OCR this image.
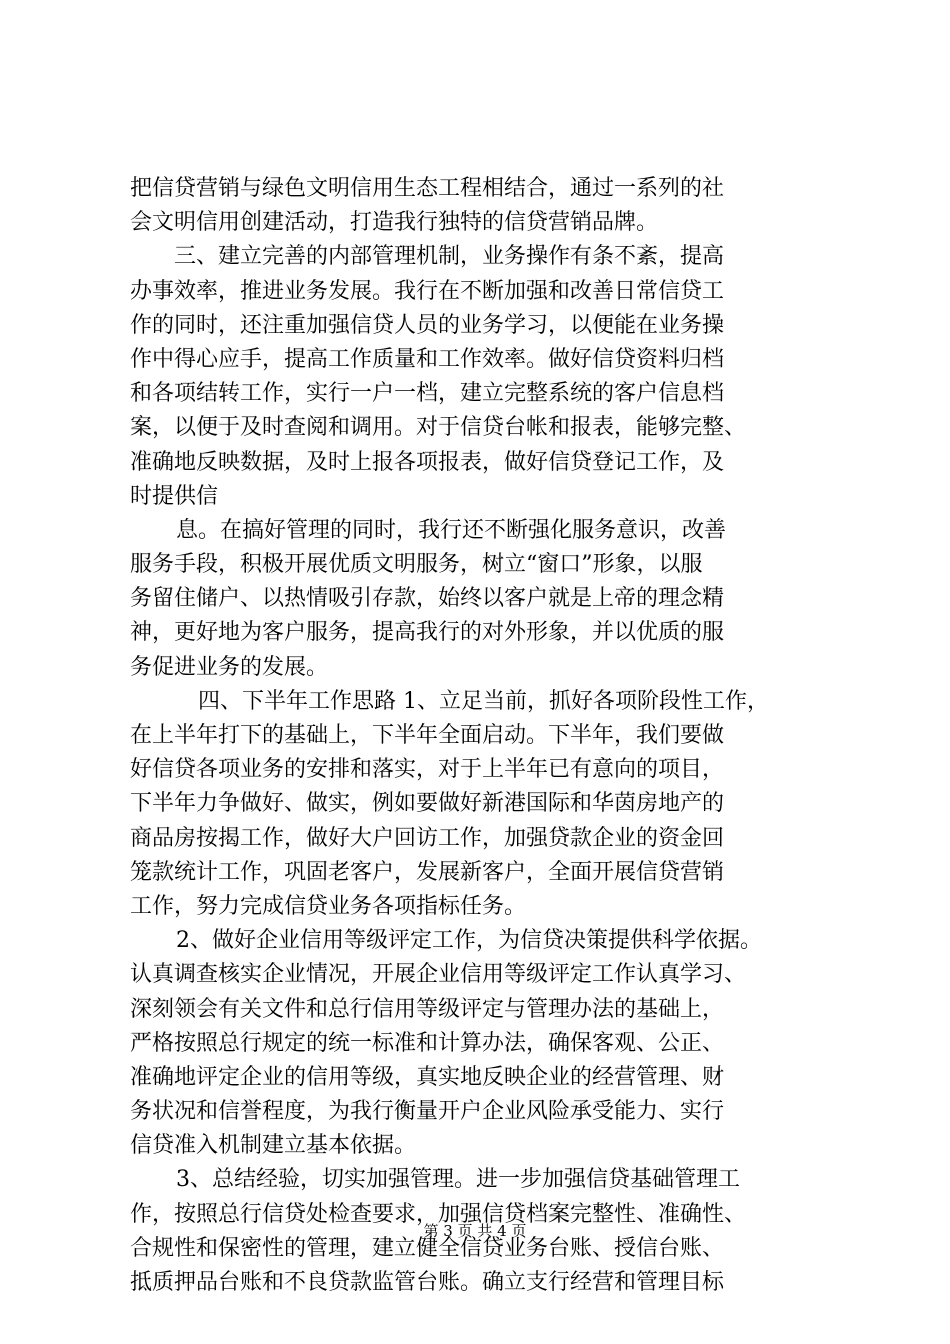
把信贷营销与绿色文明信用生态工程相结合，通过一系列的社
会文明信用创建活动，打造我行独特的信贷营销品牌。
三、建立完善的内部管理机制，业务操作有条不紊，提高
办事效率，推进业务发展。我行在不断加强和改善日常信贷工
作的同时，还注重加强信贷人员的业务学习，以便能在业务操
作中得心应手，提高工作质量和工作效率。做好信贷资料归档
和各项结转工作，实行一户一档，建立完整系统的客户信息档
案，以便于及时查阅和调用。对于信贷台帐和报表，能够完整、
准确地反映数据，及时上报各项报表，做好信贷登记工作，及
时提供信
息。在搞好管理的同时，我行还不断强化服务意识，改善
服务手段，积极开展优质文明服务，树立“窗口”形象，以服
务留住储户、以热情吸引存款，始终以客户就是上帝的理念精
神，更好地为客户服务，提高我行的对外形象，并以优质的服
务促进业务的发展。
四、下半年工作思路 1、立足当前，抓好各项阶段性工作，
在上半年打下的基础上，下半年全面启动。下半年，我们要做
好信贷各项业务的安排和落实，对于上半年已有意向的项目，
下半年力争做好、做实，例如要做好新港国际和华茵房地产的
商品房按揭工作，做好大户回访工作，加强贷款企业的资金回
笼款统计工作，巩固老客户，发展新客户，全面开展信贷营销
工作，努力完成信贷业务各项指标任务。
2、做好企业信用等级评定工作，为信贷决策提供科学依据。
认真调查核实企业情况，开展企业信用等级评定工作认真学习、
深刻领会有关文件和总行信用等级评定与管理办法的基础上，
严格按照总行规定的统一标准和计算办法，确保客观、公正、
准确地评定企业的信用等级，真实地反映企业的经营管理、财
务状况和信誉程度，为我行衡量开户企业风险承受能力、实行
信贷准入机制建立基本依据。
3、总结经验，切实加强管理。进一步加强信贷基础管理工
作，按照总行信贷处检查要求，加强信贷档案完整性、准确性、
合规性和保密性的管理，建立健全信贷业务台账、授信台账、
抵质押品台账和不良贷款监管台账。确立支行经营和管理目标
第 3 页 共 4 页
